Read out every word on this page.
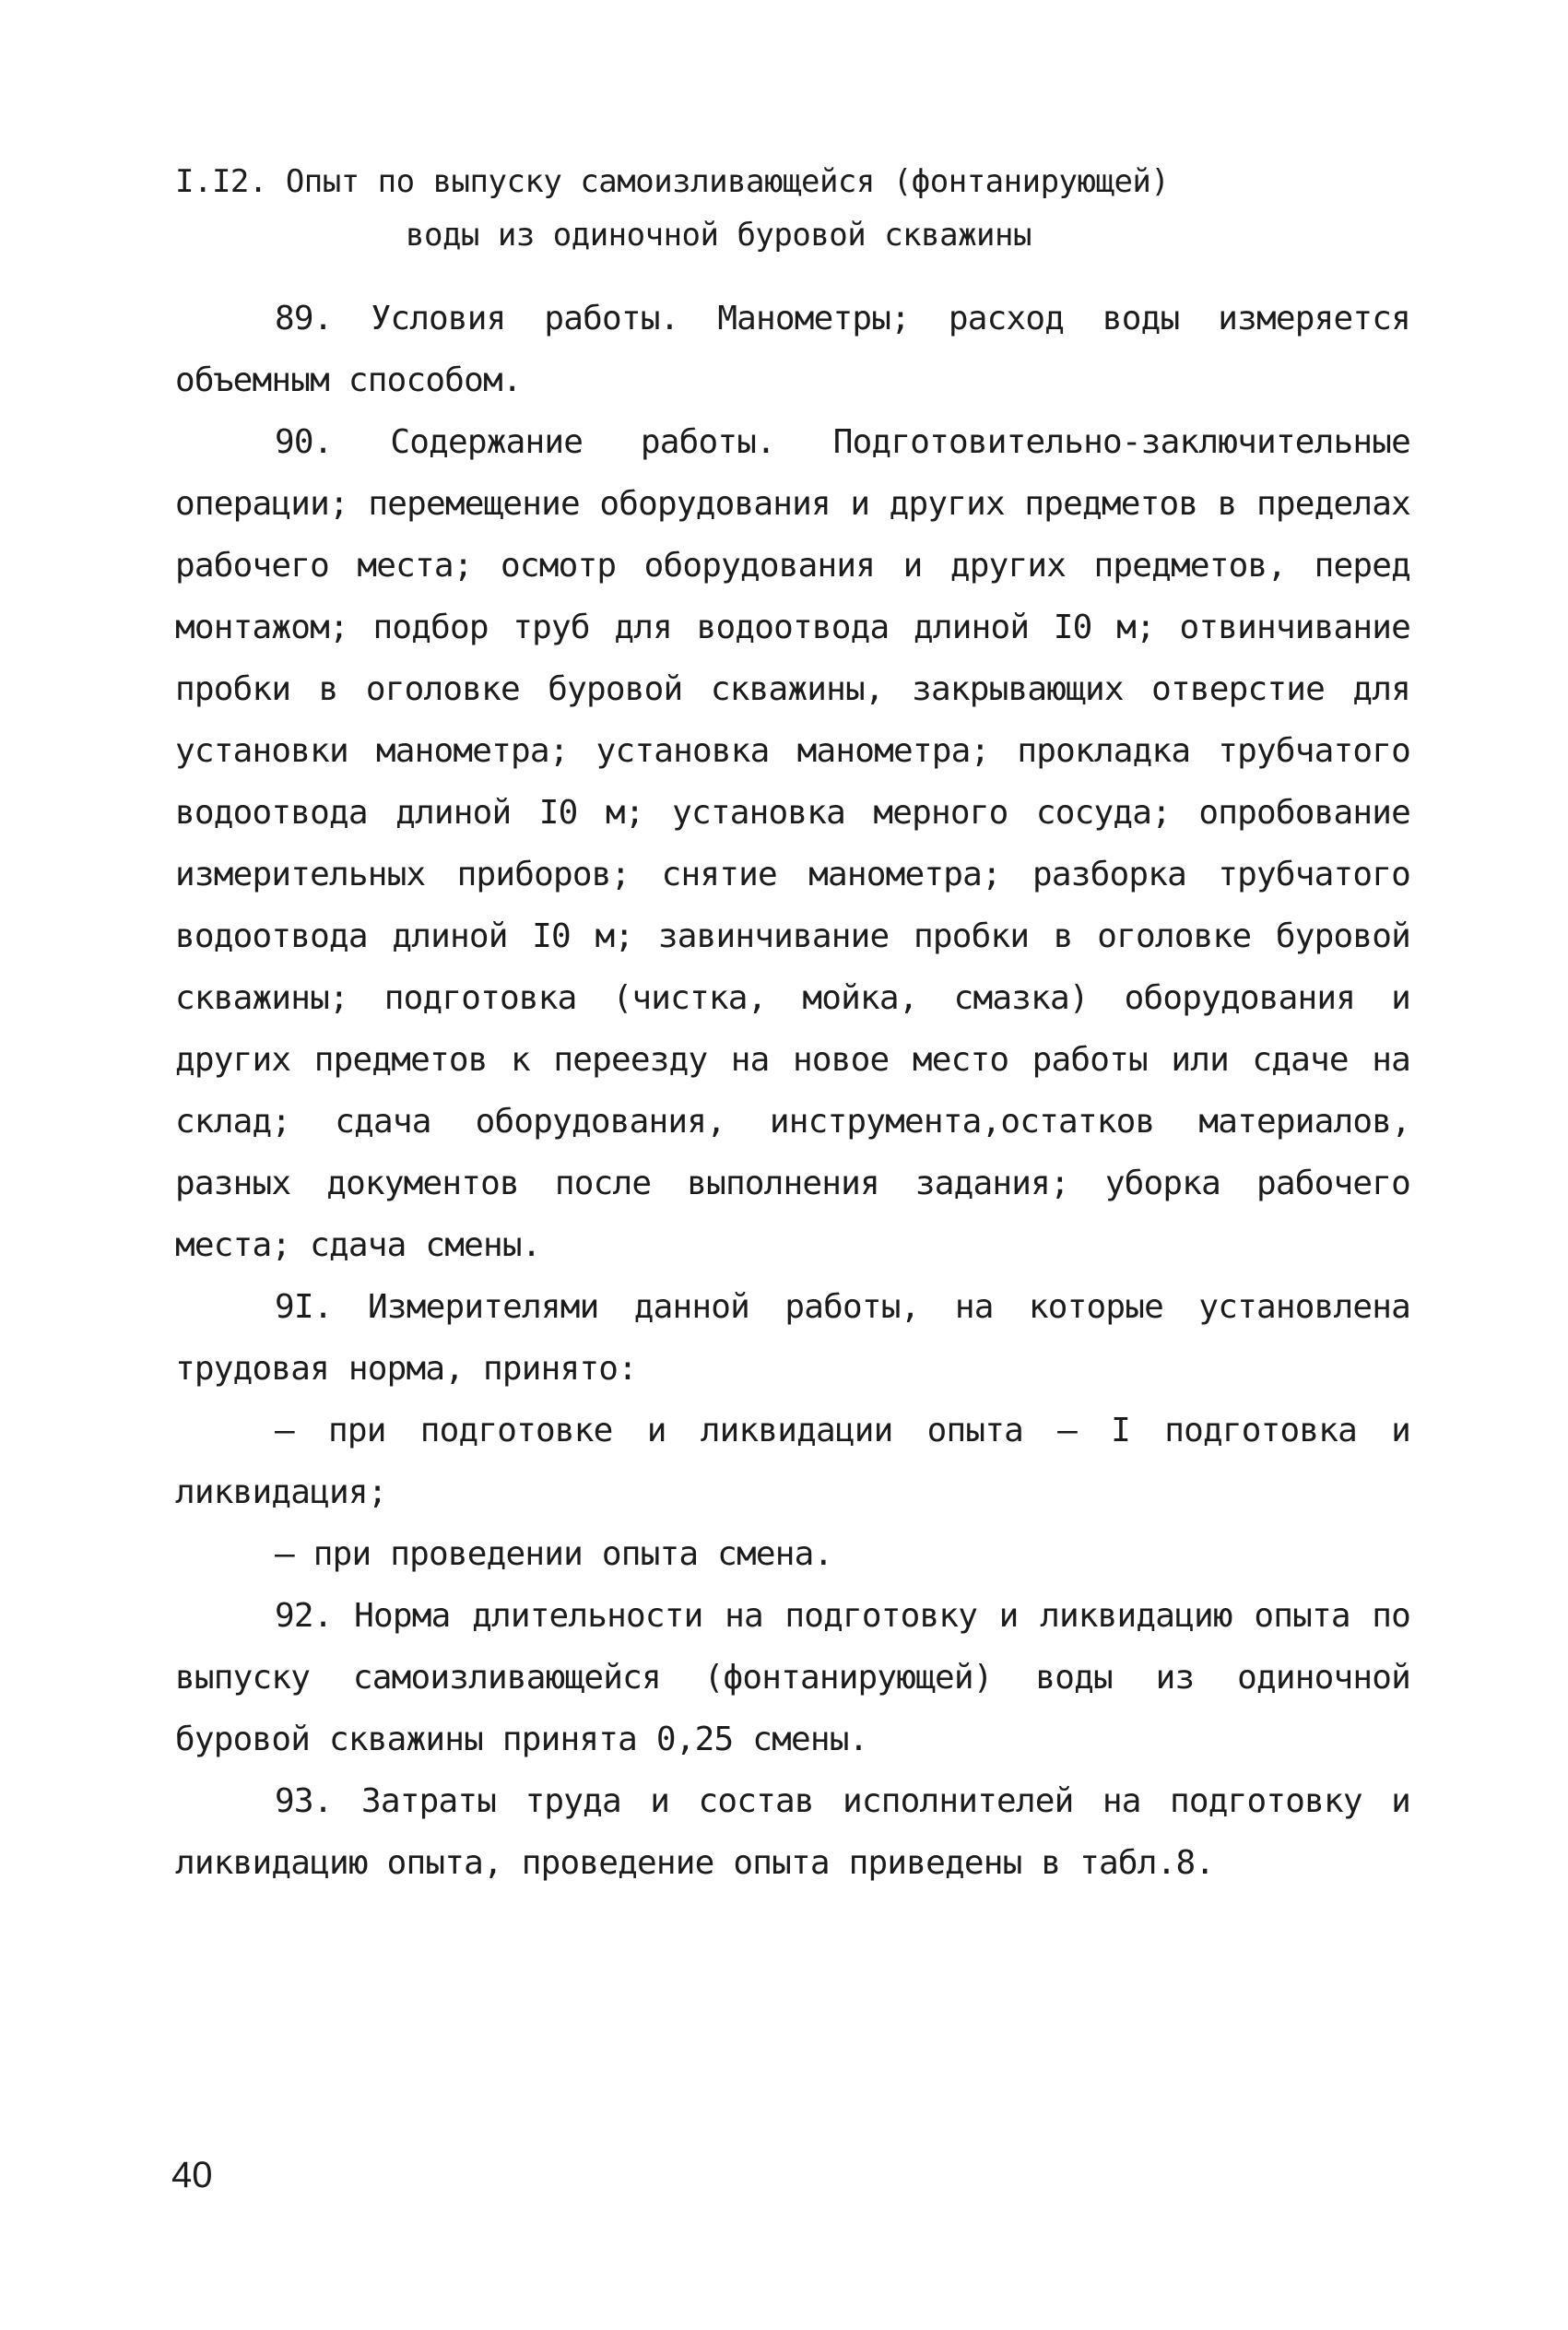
I.I2. Опыт по выпуску самоизливающейся (фонтанирующей)
воды из одиночной буровой скважины

89. Условия работы. Манометры; расход воды измеряется объемным способом.

90. Содержание работы. Подготовительно-заключительные операции; перемещение оборудования и других предметов в пределах рабочего места; осмотр оборудования и других предметов, перед монтажом; подбор труб для водоотвода длиной I0 м; отвинчивание пробки в оголовке буровой скважины, закрывающих отверстие для установки манометра; установка манометра; прокладка трубчатого водоотвода длиной I0 м; установка мерного сосуда; опробование измерительных приборов; снятие манометра; разборка трубчатого водоотвода длиной I0 м; завинчивание пробки в оголовке буровой скважины; подготовка (чистка, мойка, смазка) оборудования и других предметов к переезду на новое место работы или сдаче на склад; сдача оборудования, инструмента,остатков материалов, разных документов после выполнения задания; уборка рабочего места; сдача смены.

9I. Измерителями данной работы, на которые установлена трудовая норма, принято:

– при подготовке и ликвидации опыта – I подготовка и ликвидация;

– при проведении опыта смена.

92. Норма длительности на подготовку и ликвидацию опыта по выпуску самоизливающейся (фонтанирующей) воды из одиночной буровой скважины принята 0,25 смены.

93. Затраты труда и состав исполнителей на подготовку и ликвидацию опыта, проведение опыта приведены в табл.8.

40
